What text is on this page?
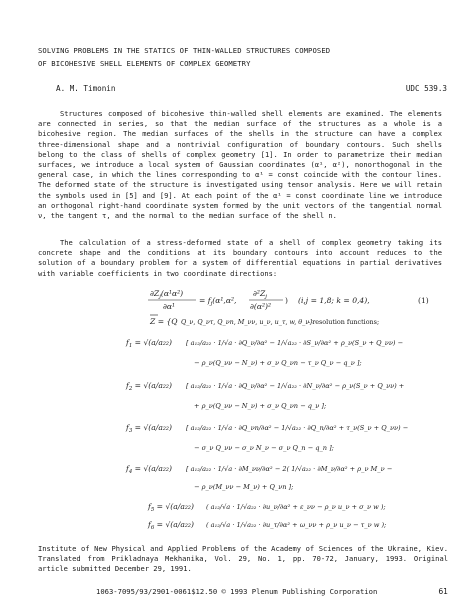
SOLVING PROBLEMS IN THE STATICS OF THIN-WALLED STRUCTURES COMPOSED
OF BICOHESIVE SHELL ELEMENTS OF COMPLEX GEOMETRY
A. M. Timonin	UDC 539.3
Structures composed of bicohesive thin-walled shell elements are examined. The elements are connected in series, so that the median surface of the structures as a whole is a bicohesive region. The median surfaces of the shells in the structure can have a complex three-dimensional shape and a nontrivial configuration of boundary contours. Such shells belong to the class of shells of complex geometry [1]. In order to parametrize their median surfaces, we introduce a local system of Gaussian coordinates (α¹, α²), nonorthogonal in the general case, in which the lines corresponding to α¹ = const coincide with the contour lines. The deformed state of the structure is investigated using tensor analysis. Here we will retain the symbols used in [5] and [9]. At each point of the α¹ = const coordinate line we introduce an orthogonal right-hand coordinate system formed by the unit vectors of the tangential normal ν, the tangent τ, and the normal to the median surface of the shell n.
The calculation of a stress-deformed state of a shell of complex geometry taking its concrete shape and the conditions at its boundary contours into account reduces to the solution of a boundary problem for a system of differential equations in partial derivatives with variable coefficients in two coordinate directions:
$\partial Z_j(\alpha^1\alpha^2)$
∂α¹
= $f_j(\alpha^1,\alpha^2$,
$\partial^2Z_j$
∂(α²)²
) (i,j = 1,8; k = 0,4),	(1)
Z = {Q Q_ν, Q_ντ, Q_νn, M_νν, u_ν, u_τ, w, θ_ν}
- resolution functions;
$f_1 = √(a/a_{22})$ [ a₁₂/a₂₂ · 1/√a · ∂Q_ν/∂α² − 1/√a₂₂ · ∂S_ν/∂α² + ρ_ν(S_ν + Q_νν) −
− ρ_ν(Q_νν − N_ν) + σ_ν Q_νn − τ_ν Q_ν − q_ν ];
$f_2 = √(a/a_{22})$ [ a₁₂/a₂₂ · 1/√a · ∂Q_ν/∂α² − 1/√a₂₂ · ∂N_ν/∂α² − ρ_ν(S_ν + Q_νν) +
+ ρ_ν(Q_νν − N_ν) + σ_ν Q_νn − q_ν ];
$f_3 = √(a/a_{22})$ [ a₁₂/a₂₂ · 1/√a · ∂Q_νn/∂α² − 1/√a₂₂ · ∂Q_n/∂α² + τ_ν(S_ν + Q_νν) −
− σ_ν Q_νν − σ_ν N_ν − σ_ν Q_n − q_n ];
$f_4 = √(a/a_{22})$ [ a₁₂/a₂₂ · 1/√a · ∂M_νν/∂α² − 2( 1/√a₂₂ · ∂M_ν/∂α² + ρ_ν M_ν −
− ρ_ν(M_νν − M_ν) + Q_νn ];
$f_5 = √(a/a_{22})$ ( a₁₂/√a · 1/√a₂₂ · ∂u_ν/∂α² + ε_νν − ρ_ν u_ν + σ_ν w );
$f_6 = √(a/a_{22})$ ( a₁₂/√a · 1/√a₂₂ · ∂u_τ/∂α² + ω_νν + ρ_ν u_ν − τ_ν w );
Institute of New Physical and Applied Problems of the Academy of Sciences of the Ukraine, Kiev. Translated from Prikladnaya Mekhanika, Vol. 29, No. 1, pp. 70-72, January, 1993. Original article submitted December 29, 1991.
1063-7095/93/2901-0061$12.50 © 1993 Plenum Publishing Corporation	61
